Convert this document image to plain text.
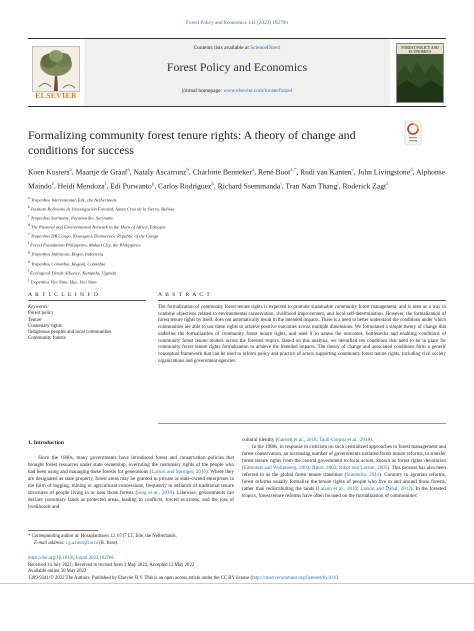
Forest Policy and Economics 141 (2022) 102766
ELSEVIER
Contents lists available at ScienceDirect
Forest Policy and Economics
journal homepage: www.elsevier.com/locate/forpol
FOREST POLICY AND ECONOMICS
Formalizing community forest tenure rights: A theory of change and conditions for success
Koen Kusters$^a$, Maartje de Graaf$^a$, Nataly Ascarrunz$^b$, Charlotte Benneker$^a$, René Boot$^{a,*}$, Rudi van Kanten$^c$, John Livingstone$^d$, Alphonse Maindo$^e$, Heidi Mendoza$^f$, Edi Purwanto$^g$, Carlos Rodríguez$^h$, Richard Ssemmanda$^i$, Tran Nam Thang$^j$, Roderick Zagt$^a$
$^a$ Tropenbos International, Ede, the Netherlands
$^b$ Instituto Boliviano de Investigación Forestal, Santa Cruz de la Sierra, Bolivia
$^c$ Tropenbos Suriname, Paramaribo, Suriname
$^d$ The Pastoral and Environmental Network in the Horn of Africa, Ethiopia
$^e$ Tropenbos DR Congo, Kisangani, Democratic Republic of the Congo
$^f$ Forest Foundation Philippines, Makati City, the Philippines
$^g$ Tropenbos Indonesia, Bogor, Indonesia
$^h$ Tropenbos Colombia, Bogotá, Colombia
$^i$ Ecological Trends Alliance, Kampala, Uganda
$^j$ Tropenbos Viet Nam, Hue, Viet Nam
A R T I C L E I N F O	A B S T R A C T
Keywords:
Forest policy
Tenure
Customary rights
Indigenous peoples and local communities
Community forests
The formalization of community forest tenure rights is expected to promote sustainable community forest management, and is seen as a way to combine objectives related to environmental conservation, livelihood improvement, and local self-determination. However, the formalization of forest tenure rights by itself, does not automatically result in the intended impacts. There is a need to better understand the conditions under which communities are able to use these rights to achieve positive outcomes across multiple dimensions. We formulated a simple theory of change that underlies the formalization of community forest tenure rights, and used it to assess the outcomes, bottlenecks and enabling conditions of community forest tenure models across the forested tropics. Based on this analysis, we identified ten conditions that need to be in place for community forest tenure rights formalization to achieve the intended impacts. The theory of change and associated conditions form a generic conceptual framework that can be used to inform policy and practice of actors supporting community forest tenure rights, including civil society organizations and government agencies.
1. Introduction

Since the 1800s, many governments have introduced forest and conservation policies that brought forest resources under state ownership, overruling the customary rights of the people who had been using and managing these forests for generations (Larson and Springer, 2016). Where they are designated as state property, forest areas may be granted to private or state-owned enterprises in the form of logging, mining or agricultural concessions, frequently in defiance of traditional tenure structures of people living in or near those forests (Sing et al., 2016). Likewise, governments can declare customary lands as protected areas, leading to conflicts, forced evictions, and the loss of livelihoods and

cultural identity (Garnett et al., 2018; Tauli-Corpuz et al., 2018).

In the 1980s, in response to criticism on such centralized approaches to forest management and forest conservation, an increasing number of governments initiated forest tenure reforms, to transfer forest tenure rights from the central government to local actors, known as forest rights devolution (Edmunds and Wollenberg, 2003; Ribot, 2003; Ribot and Larson, 2005). This process has also been referred to as the global forest tenure transition (Sunderlin, 2011). Contrary to agrarian reforms, forest reforms usually formalize the tenure rights of people who live in and around those forests, rather than redistributing the lands (Larson et al., 2010; Larson and Dahal, 2012). In the forested tropics, forest tenure reforms have often focused on the formalization of communities'

* Corresponding author at: Horaplantsoen 12, 6717 LT, Ede, the Netherlands.
E-mail address: r.g.a.boot@nu.nl (R. Boot).
https://doi.org/10.1016/j.forpol.2022.102766
Received 14 July 2021; Received in revised form 3 May 2022; Accepted 12 May 2022
Available online 30 May 2022
1389-9341/© 2022 The Authors. Published by Elsevier B.V. This is an open access article under the CC BY license (http://creativecommons.org/licenses/by/4.0/).
